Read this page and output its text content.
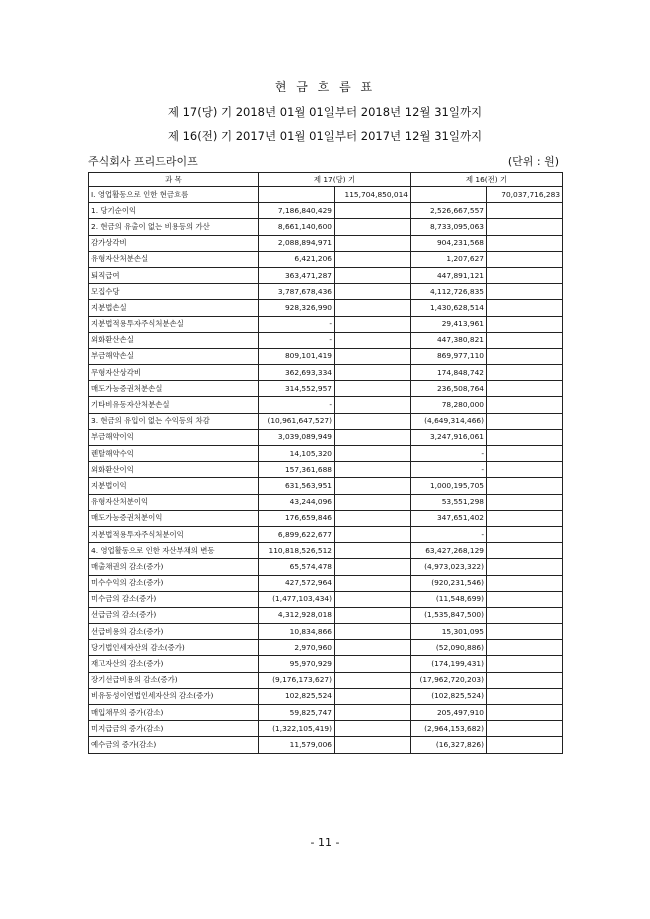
현 금 흐 름 표
제 17(당) 기 2018년 01월 01일부터 2018년 12월 31일까지
제 16(전) 기 2017년 01월 01일부터 2017년 12월 31일까지
주식회사 프리드라이프	(단위 : 원)
과 목	제 17(당) 기		제 16(전) 기	
Ⅰ. 영업활동으로 인한 현금흐름		115,704,850,014		70,037,716,283
1. 당기순이익	7,186,840,429		2,526,667,557	
2. 현금의 유출이 없는 비용등의 가산	8,661,140,600		8,733,095,063	
감가상각비	2,088,894,971		904,231,568	
유형자산처분손실	6,421,206		1,207,627	
퇴직급여	363,471,287		447,891,121	
모집수당	3,787,678,436		4,112,726,835	
지분법손실	928,326,990		1,430,628,514	
지분법적용투자주식처분손실	-		29,413,961	
외화환산손실	-		447,380,821	
부금해약손실	809,101,419		869,977,110	
무형자산상각비	362,693,334		174,848,742	
매도가능증권처분손실	314,552,957		236,508,764	
기타비유동자산처분손실	-		78,280,000	
3. 현금의 유입이 없는 수익등의 차감	(10,961,647,527)		(4,649,314,466)	
부금해약이익	3,039,089,949		3,247,916,061	
렌탈해약수익	14,105,320		-	
외화환산이익	157,361,688		-	
지분법이익	631,563,951		1,000,195,705	
유형자산처분이익	43,244,096		53,551,298	
매도가능증권처분이익	176,659,846		347,651,402	
지분법적용투자주식처분이익	6,899,622,677		-	
4. 영업활동으로 인한 자산부채의 변동	110,818,526,512		63,427,268,129	
매출채권의 감소(증가)	65,574,478		(4,973,023,322)	
미수수익의 감소(증가)	427,572,964		(920,231,546)	
미수금의 감소(증가)	(1,477,103,434)		(11,548,699)	
선급금의 감소(증가)	4,312,928,018		(1,535,847,500)	
선급비용의 감소(증가)	10,834,866		15,301,095	
당기법인세자산의 감소(증가)	2,970,960		(52,090,886)	
재고자산의 감소(증가)	95,970,929		(174,199,431)	
장기선급비용의 감소(증가)	(9,176,173,627)		(17,962,720,203)	
비유동성이연법인세자산의 감소(증가)	102,825,524		(102,825,524)	
매입채무의 증가(감소)	59,825,747		205,497,910	
미지급금의 증가(감소)	(1,322,105,419)		(2,964,153,682)	
예수금의 증가(감소)	11,579,006		(16,327,826)	
- 11 -
